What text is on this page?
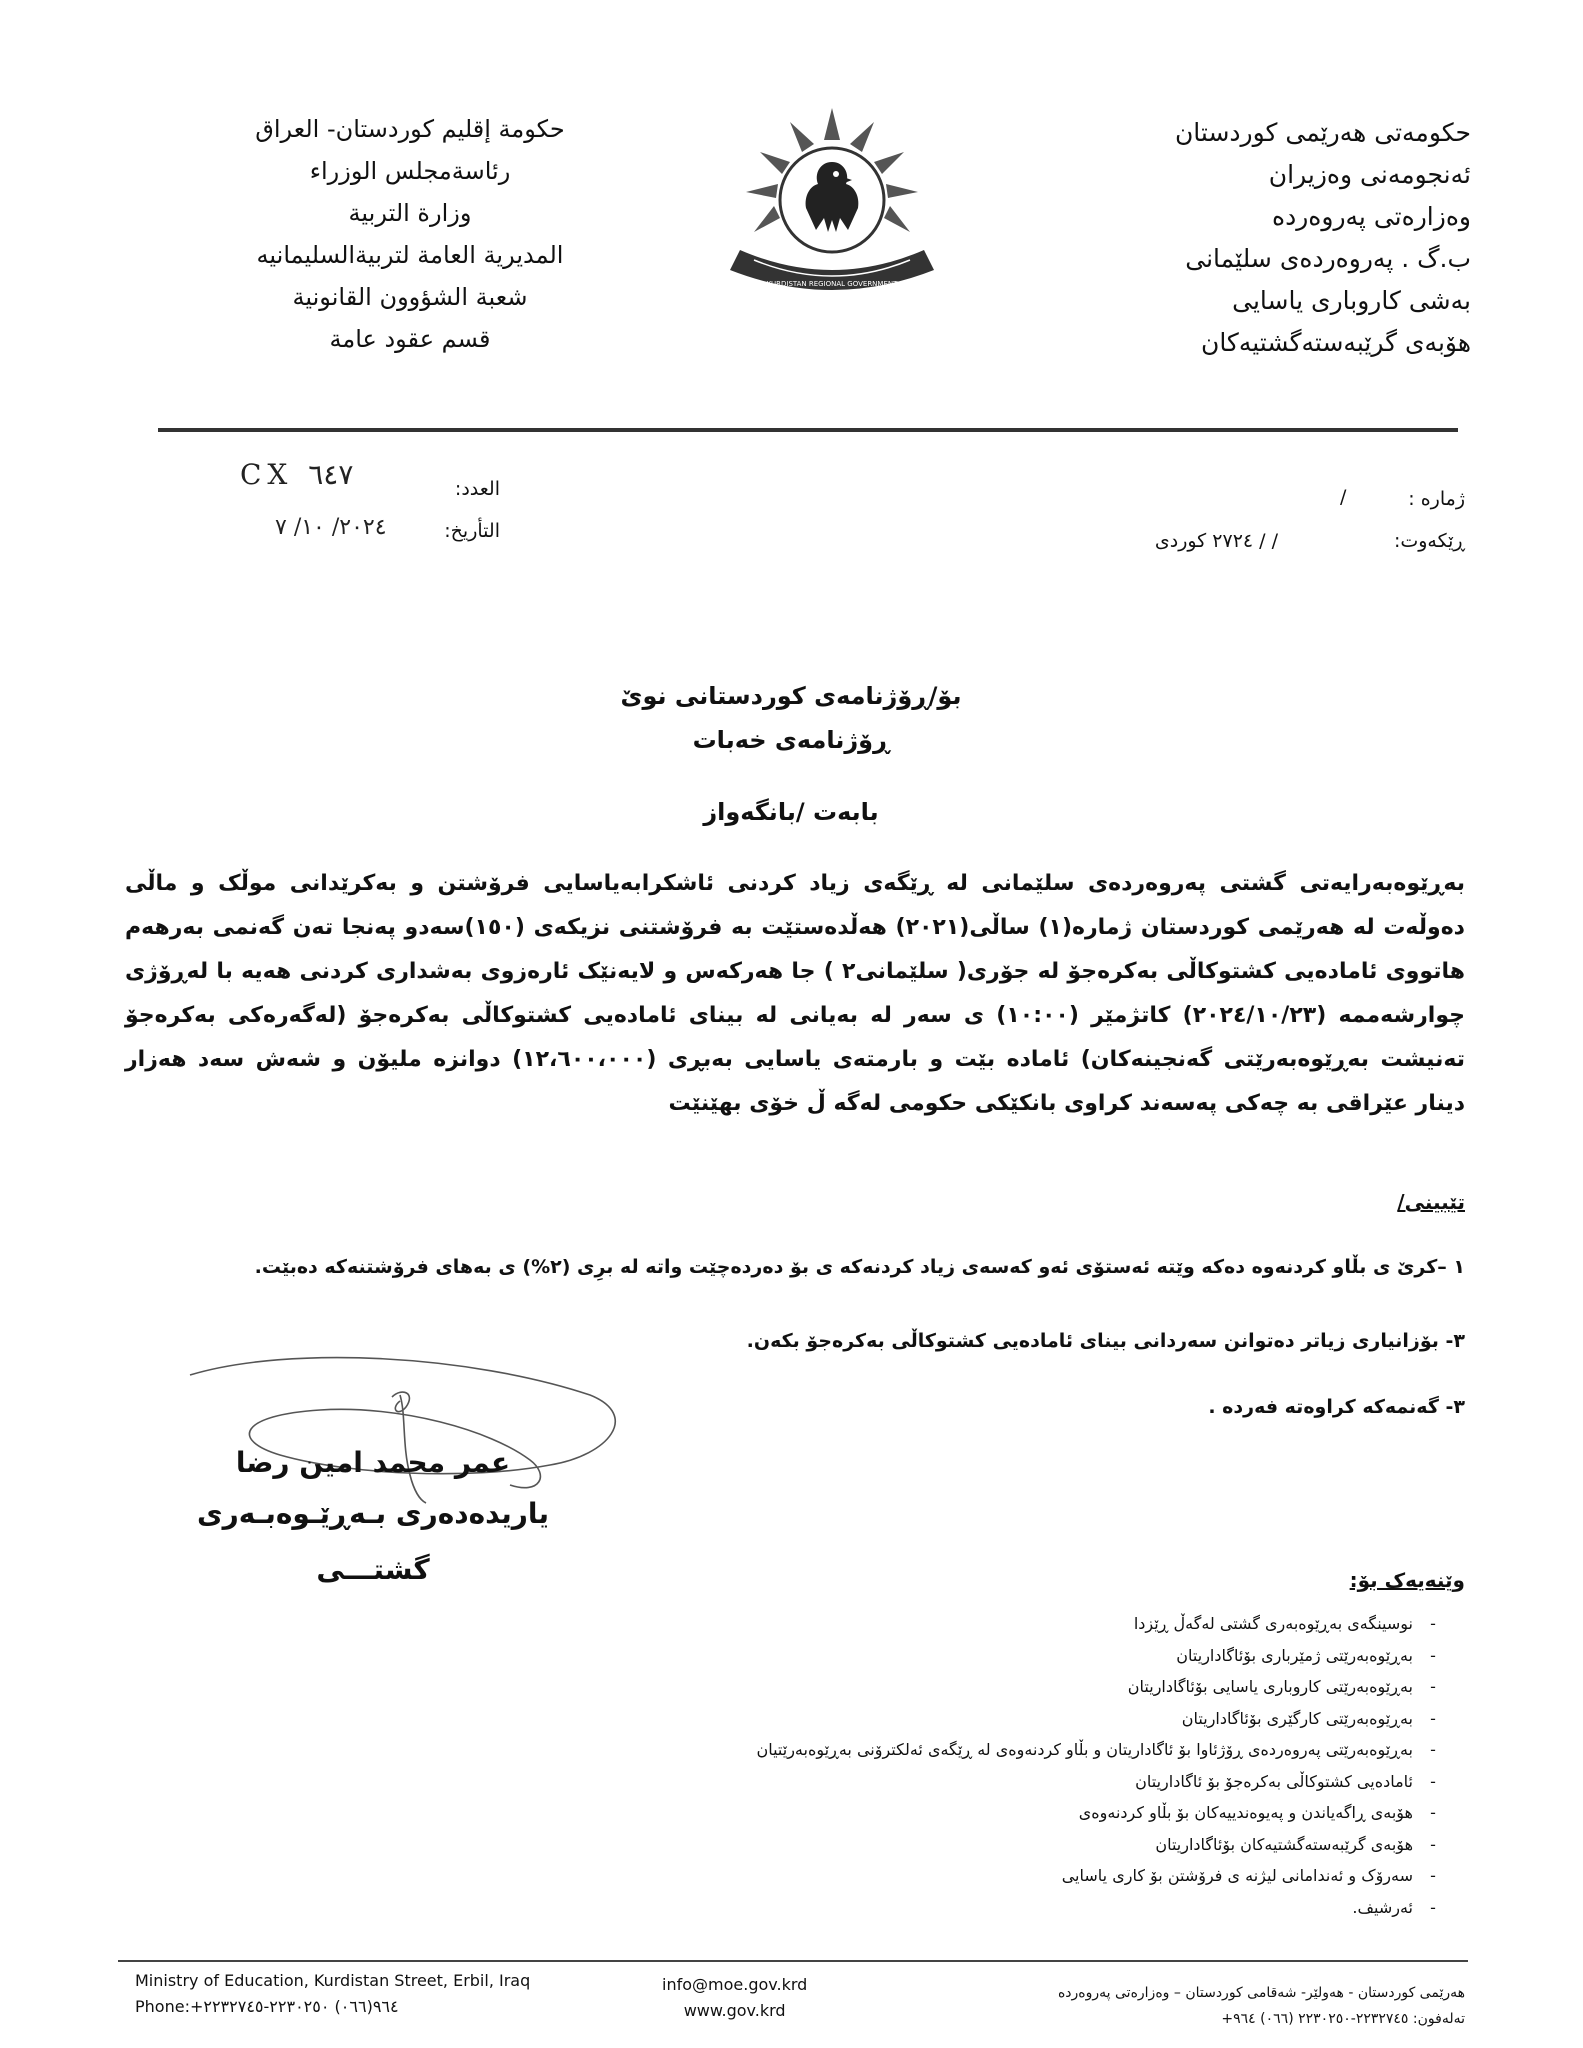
حکومەتی هەرێمی کوردستان
ئەنجومەنی وەزیران
وەزارەتی پەروەردە
ب.گ . پەروەردەی سلێمانی
بەشی کاروباری یاسایی
هۆبەی گرێبەستەگشتیەکان
KURDISTAN REGIONAL GOVERNMENT
حكومة إقليم كوردستان- العراق
رئاسةمجلس الوزراء
وزارة التربية
المديرية العامة لتربيةالسليمانيه
شعبة الشؤوون القانونية
قسم عقود عامة
ژمارە :
/
ڕێکەوت:
/ / ٢٧٢٤ کوردی
العدد:
CX ٦٤٧
التأريخ:
٢٠٢٤/ ١٠/ ٧
بۆ/ڕۆژنامەی کوردستانی نوێ
ڕۆژنامەی خەبات
بابەت /بانگەواز

بەڕێوەبەرایەتی گشتی پەروەردەی سلێمانی لە ڕێگەی زیاد کردنی ئاشکرابەیاسایی فرۆشتن و بەکرێدانی موڵک و ماڵی دەوڵەت لە هەرێمی کوردستان ژمارە(١) ساڵی(٢٠٢١) هەڵدەستێت بە فرۆشتنی نزیکەی (١٥٠)سەدو پەنجا تەن گەنمی بەرهەم هاتووی ئامادەیی کشتوکاڵی بەکرەجۆ لە جۆری( سلێمانی٢ ) جا هەرکەس و لایەنێک ئارەزوی بەشداری کردنی هەیە با لەڕۆژی چوارشەممە (٢٠٢٤/١٠/٢٣) کاتژمێر (١٠:٠٠) ی سەر لە بەیانی لە بینای ئامادەیی کشتوکاڵی بەکرەجۆ (لەگەرەکی بەکرەجۆ تەنیشت بەڕێوەبەرێتی گەنجینەکان) ئامادە بێت و بارمتەی یاسایی بەبڕی (١٢،٦٠٠،٠٠٠) دوانزە ملیۆن و شەش سەد هەزار دینار عێراقی بە چەکی پەسەند کراوی بانکێکی حکومی لەگە ڵ خۆی بهێنێت

تێبینی/
١ –کرێ ی بڵاو کردنەوە دەکە وێتە ئەستۆی ئەو کەسەی زیاد کردنەکە ی بۆ دەردەچێت واتە لە برِی (٢%) ی بەهای فرۆشتنەکە دەبێت.
٣- بۆزانیاری زیاتر دەتوانن سەردانی بینای ئامادەیی کشتوکاڵی بەکرەجۆ بکەن.
٣- گەنمەکە کراوەتە فەردە .
عمر محمد امين رضا
یاریدەدەری بـەڕێـوەبـەری گشتـــی	وێنەیەک بۆ:
-
نوسینگەی بەڕێوەبەری گشتی لەگەڵ ڕێزدا
-
بەڕێوەبەرێتی ژمێرباری بۆئاگاداریتان
-
بەڕێوەبەرێتی کاروباری یاسایی بۆئاگاداریتان
-
بەڕێوەبەرێتی کارگێری بۆئاگاداریتان
-
بەڕێوەبەرێتی پەروەردەی ڕۆژئاوا بۆ ئاگاداریتان و بڵاو کردنەوەی لە ڕێگەی ئەلکترۆنی بەڕێوەبەرێتیان
-
ئامادەیی کشتوکاڵی بەکرەجۆ بۆ ئاگاداریتان
-
هۆبەی ڕاگەیاندن و پەیوەندییەکان بۆ بڵاو کردنەوەی
-
هۆبەی گرێبەستەگشتیەکان بۆئاگاداریتان
-
سەرۆک و ئەندامانی لیژنە ی فرۆشتن بۆ کاری یاسایی
-
ئەرشیف.
Ministry of Education, Kurdistan Street, Erbil, Iraq
Phone:+٩٦٤(٠٦٦) ٢٢٣٠٢٥٠-٢٢٣٢٧٤٥
info@moe.gov.krd
www.gov.krd
هەرێمی کوردستان - هەولێر- شەقامی کوردستان – وەزارەتی پەروەردە
تەلەفون: ٢٢٣٢٧٤٥-٢٢٣٠٢٥٠ (٠٦٦) ٩٦٤+
